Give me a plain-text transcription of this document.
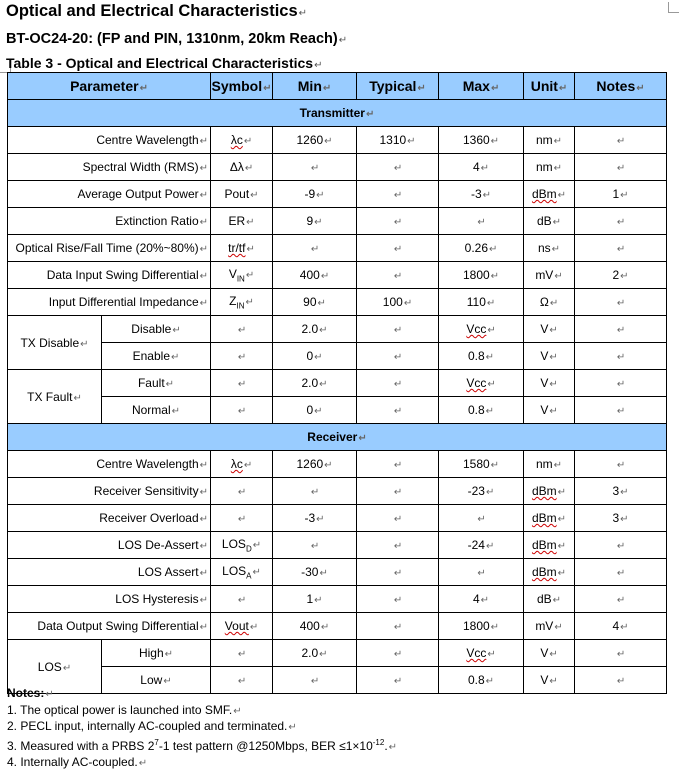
Optical and Electrical Characteristics↵
BT-OC24-20: (FP and PIN, 1310nm, 20km Reach)↵
Table 3 - Optical and Electrical Characteristics↵
Parameter↵		Symbol↵	Min↵	Typical↵	Max↵	Unit↵	Notes↵
Transmitter↵							
Centre Wavelength↵		λc↵	1260↵	1310↵	1360↵	nm↵	↵
Spectral Width (RMS)↵		Δλ↵	↵	↵	4↵	nm↵	↵
Average Output Power↵		Pout↵	-9↵	↵	-3↵	dBm↵	1↵
Extinction Ratio↵		ER↵	9↵	↵	↵	dB↵	↵
Optical Rise/Fall Time (20%~80%)↵		tr/tf↵	↵	↵	0.26↵	ns↵	↵
Data Input Swing Differential↵		$V_{IN}↵$	400↵	↵	1800↵	mV↵	2↵
Input Differential Impedance↵		$Z_{IN}↵$	90↵	100↵	110↵	Ω↵	↵
TX Disable↵	Disable↵	↵	2.0↵	↵	Vcc↵	V↵	↵
	Enable↵	↵	0↵	↵	0.8↵	V↵	↵
TX Fault↵	Fault↵	↵	2.0↵	↵	Vcc↵	V↵	↵
	Normal↵	↵	0↵	↵	0.8↵	V↵	↵
Receiver↵							
Centre Wavelength↵		λc↵	1260↵	↵	1580↵	nm↵	↵
Receiver Sensitivity↵		↵	↵	↵	-23↵	dBm↵	3↵
Receiver Overload↵		↵	-3↵	↵	↵	dBm↵	3↵
LOS De-Assert↵		$LOS_D↵$	↵	↵	-24↵	dBm↵	↵
LOS Assert↵		$LOS_A↵$	-30↵	↵	↵	dBm↵	↵
LOS Hysteresis↵		↵	1↵	↵	4↵	dB↵	↵
Data Output Swing Differential↵		Vout↵	400↵	↵	1800↵	mV↵	4↵
LOS↵	High↵	↵	2.0↵	↵	Vcc↵	V↵	↵
	Low↵	↵	↵	↵	0.8↵	V↵	↵
Notes:↵
1. The optical power is launched into SMF.↵
2. PECL input, internally AC-coupled and terminated.↵
3. Measured with a PRBS $2^7-1$ test pattern @1250Mbps, BER $\le 1\times 10^{-12}.↵$
4. Internally AC-coupled.↵
